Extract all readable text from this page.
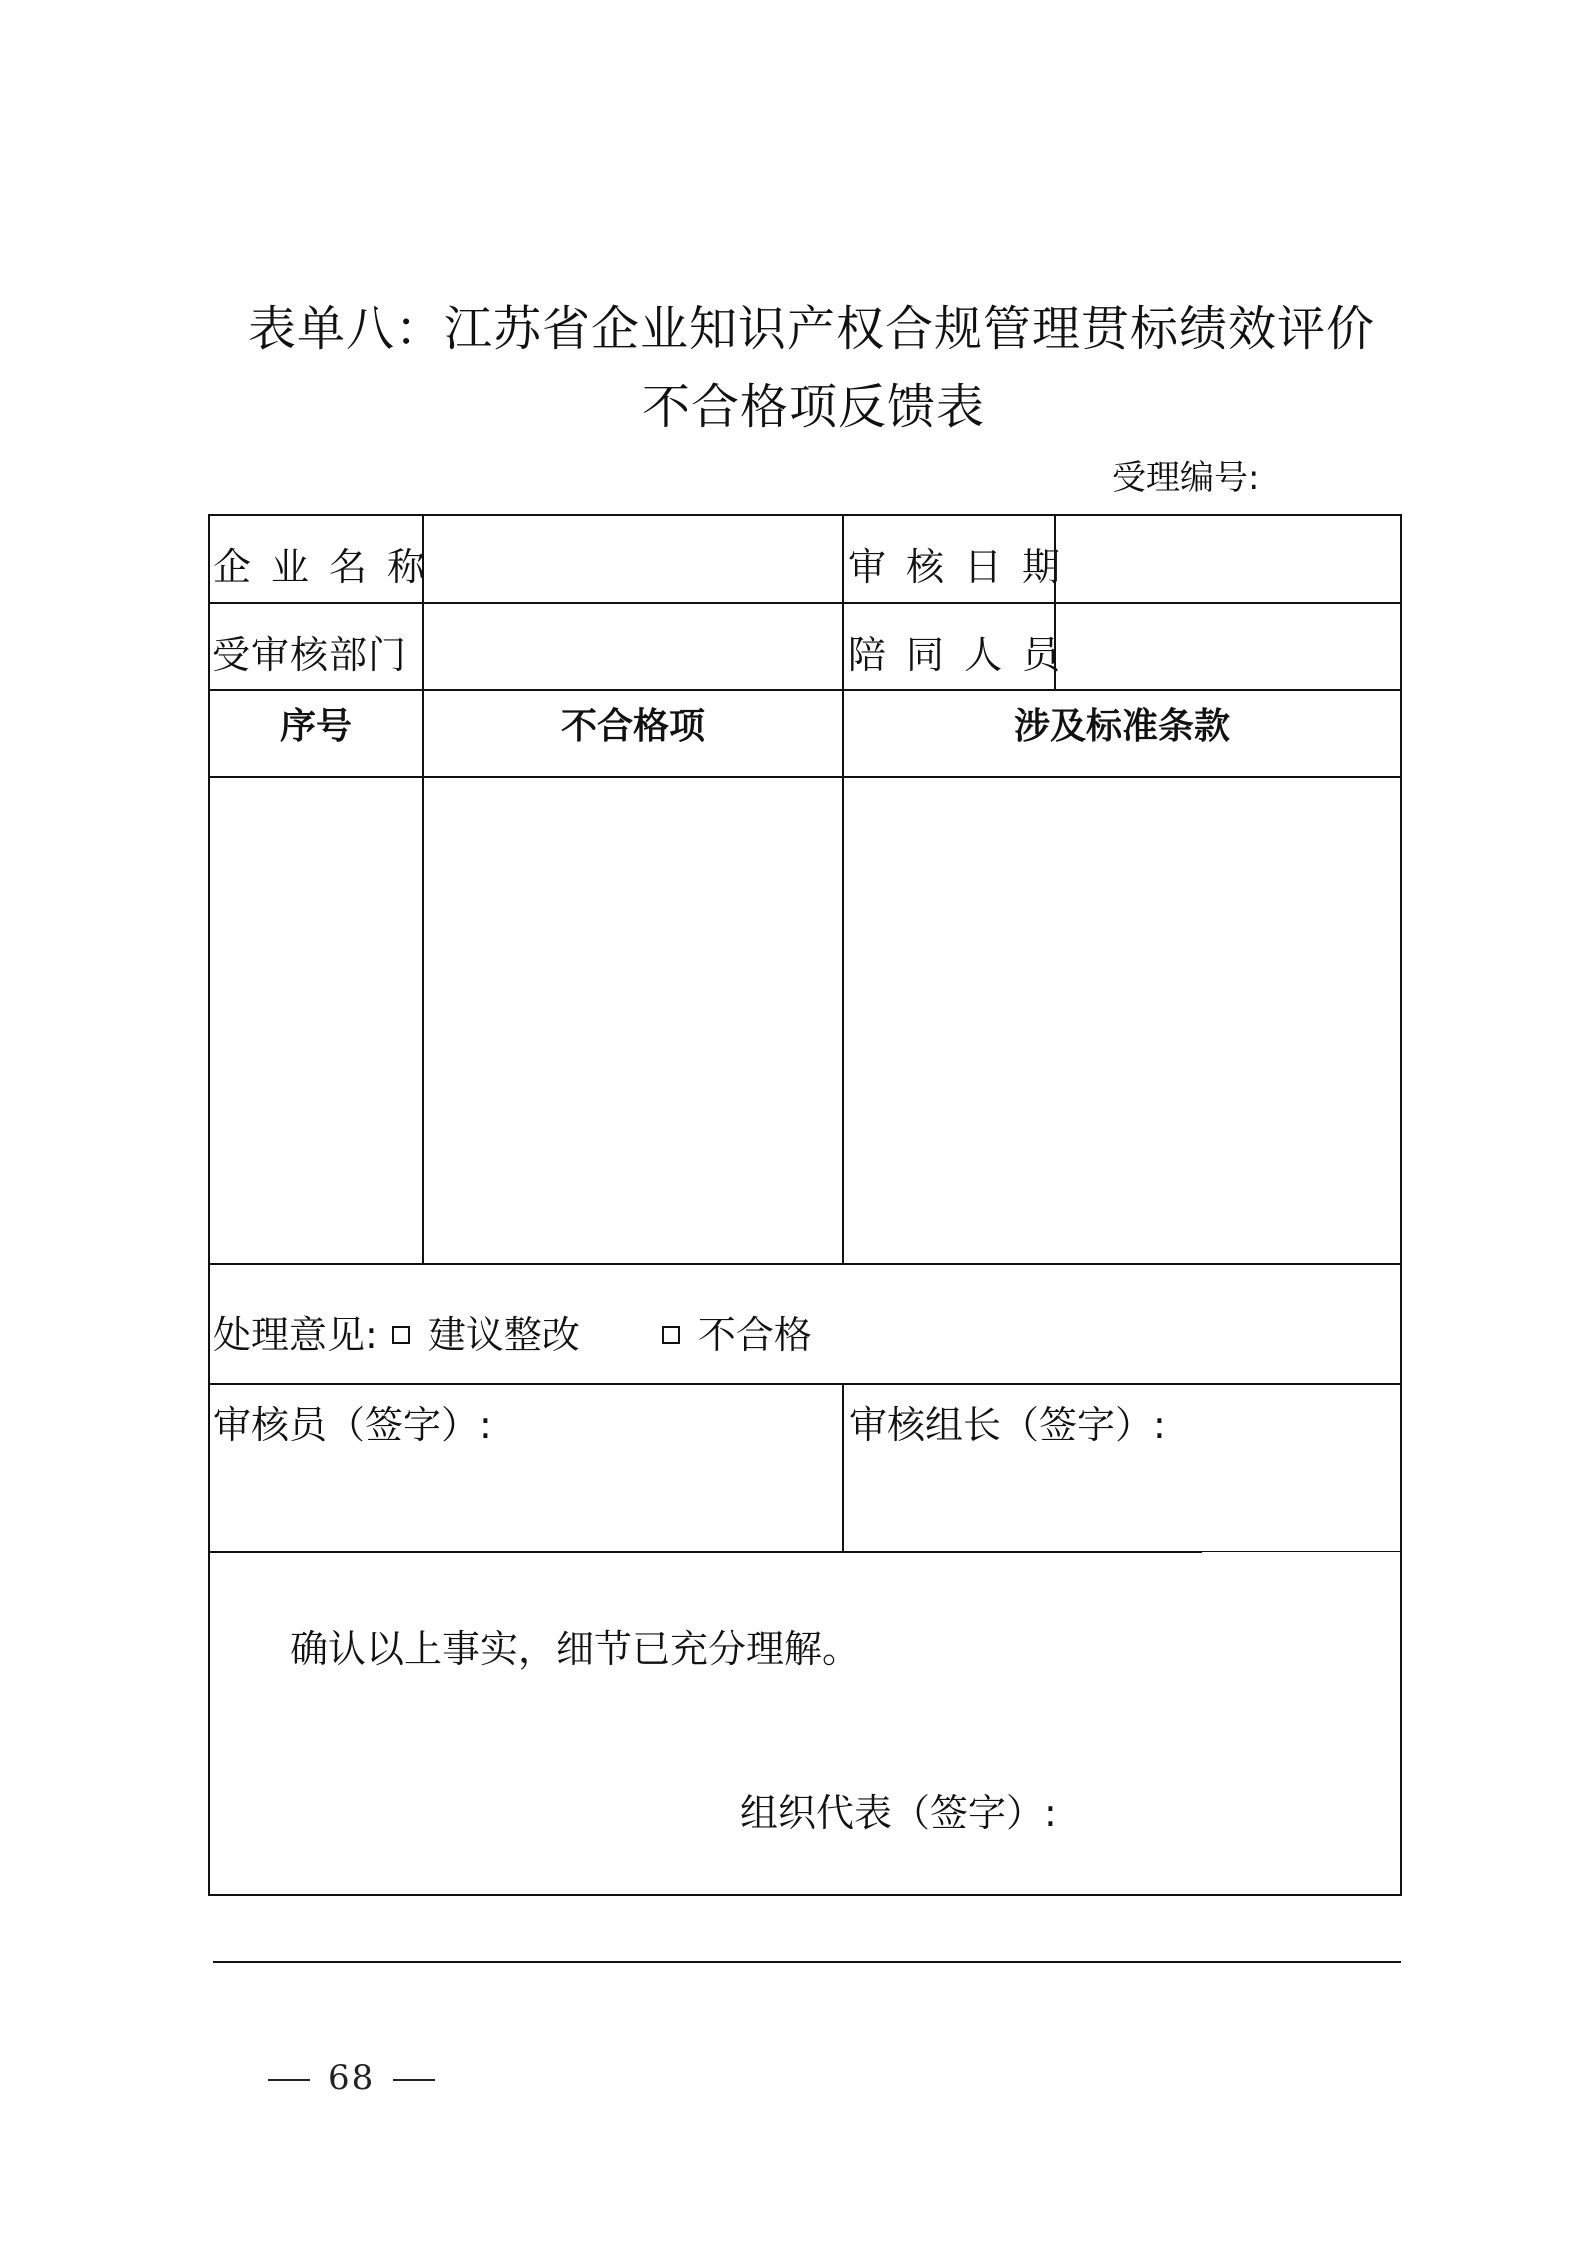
表单八：江苏省企业知识产权合规管理贯标绩效评价
不合格项反馈表
受理编号:
企业名称	审核日期
受审核部门	陪同人员
序号	不合格项	涉及标准条款
处理意见: 建议整改	不合格
审核员（签字）:	审核组长（签字）:
确认以上事实，细节已充分理解。
组织代表（签字）:
68
